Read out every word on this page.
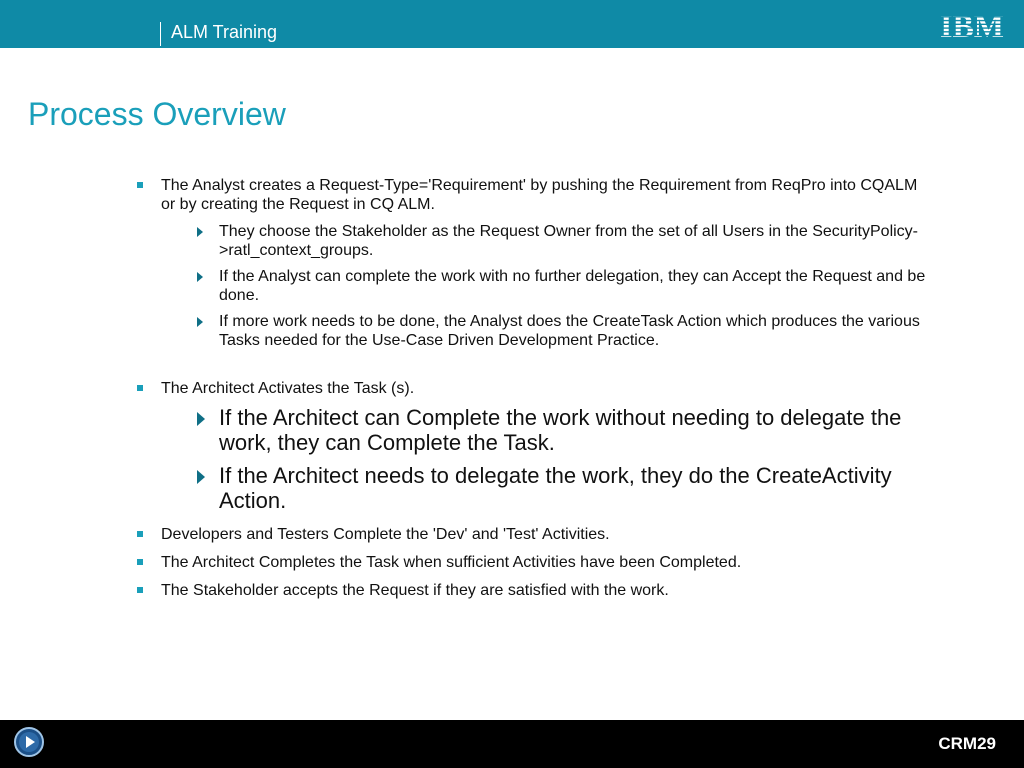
ALM Training	IBM
Process Overview
The Analyst creates a Request-Type='Requirement' by pushing the Requirement from ReqPro into CQALM or by creating the Request in CQ ALM.
They choose the Stakeholder as the Request Owner from the set of all Users in the SecurityPolicy->ratl_context_groups.
If the Analyst can complete the work with no further delegation, they can Accept the Request and be done.
If more work needs to be done, the Analyst does the CreateTask Action which produces the various Tasks needed for the Use-Case Driven Development Practice.
The Architect Activates the Task (s).
If the Architect can Complete the work without needing to delegate the work, they can Complete the Task.
If the Architect needs to delegate the work, they do the CreateActivity Action.
Developers and Testers Complete the 'Dev' and 'Test' Activities.
The Architect Completes the Task when sufficient Activities have been Completed.
The Stakeholder accepts the Request if they are satisfied with the work.
CRM29
